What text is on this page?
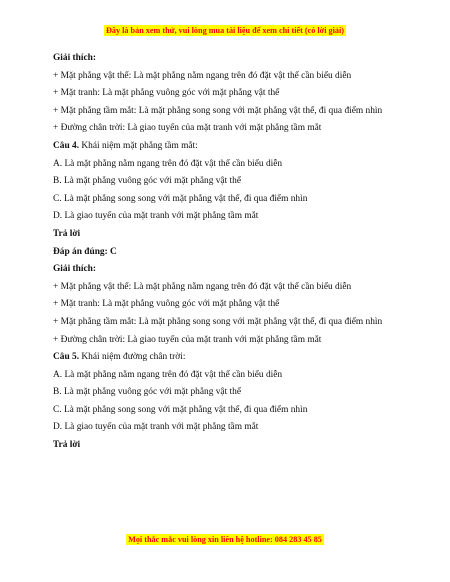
Đây là bản xem thử, vui lòng mua tài liệu để xem chi tiết (có lời giải)
Giải thích:
+ Mặt phẳng vật thể: Là mặt phẳng nằm ngang trên đó đặt vật thể cần biểu diễn
+ Mặt tranh: Là mặt phẳng vuông góc với mặt phẳng vật thể
+ Mặt phẳng tầm mắt: Là mặt phẳng song song với mặt phẳng vật thể, đi qua điểm nhìn
+ Đường chân trời: Là giao tuyến của mặt tranh với mặt phẳng tầm mắt
Câu 4. Khái niệm mặt phẳng tầm mắt:
A. Là mặt phẳng nằm ngang trên đó đặt vật thể cần biểu diễn
B. Là mặt phẳng vuông góc với mặt phẳng vật thể
C. Là mặt phẳng song song với mặt phẳng vật thể, đi qua điểm nhìn
D. Là giao tuyến của mặt tranh với mặt phẳng tầm mắt
Trả lời
Đáp án đúng: C
Giải thích:
+ Mặt phẳng vật thể: Là mặt phẳng nằm ngang trên đó đặt vật thể cần biểu diễn
+ Mặt tranh: Là mặt phẳng vuông góc với mặt phẳng vật thể
+ Mặt phẳng tầm mắt: Là mặt phẳng song song với mặt phẳng vật thể, đi qua điểm nhìn
+ Đường chân trời: Là giao tuyến của mặt tranh với mặt phẳng tầm mắt
Câu 5. Khái niệm đường chân trời:
A. Là mặt phẳng nằm ngang trên đó đặt vật thể cần biểu diễn
B. Là mặt phẳng vuông góc với mặt phẳng vật thể
C. Là mặt phẳng song song với mặt phẳng vật thể, đi qua điểm nhìn
D. Là giao tuyến của mặt tranh với mặt phẳng tầm mắt
Trả lời
Mọi thắc mắc vui lòng xin liên hệ hotline: 084 283 45 85
